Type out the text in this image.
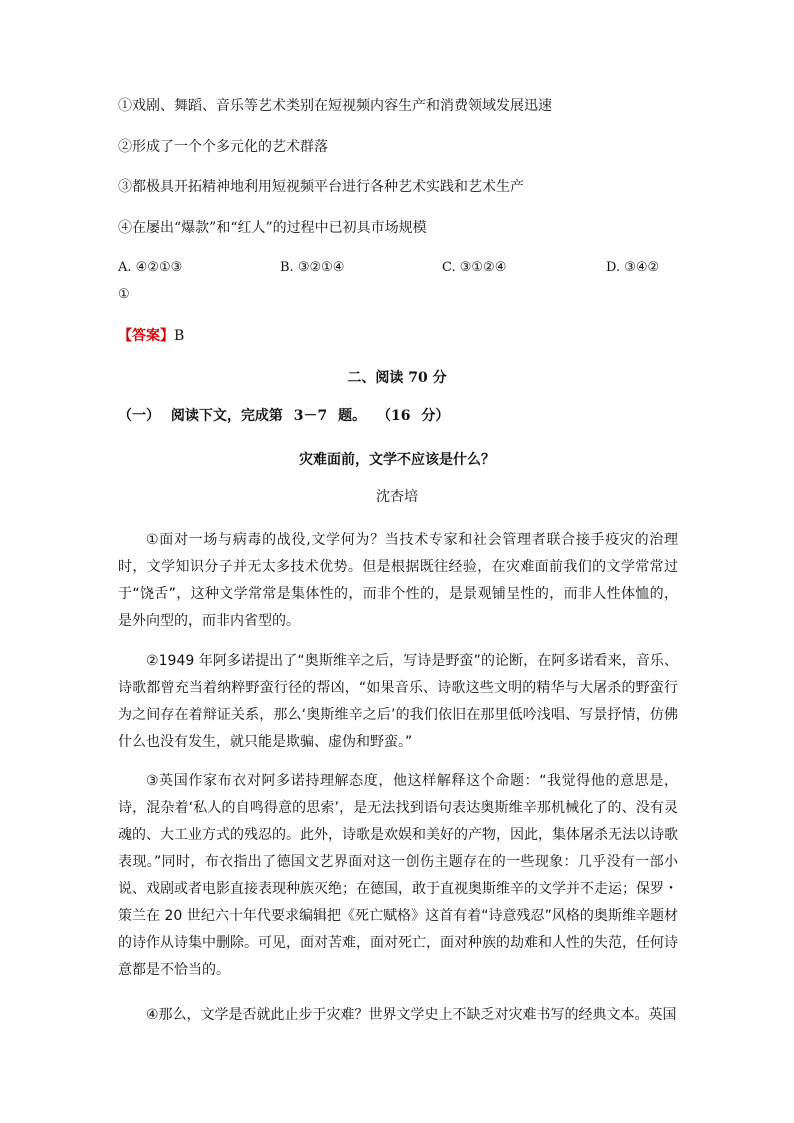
①戏剧、舞蹈、音乐等艺术类别在短视频内容生产和消费领域发展迅速
②形成了一个个多元化的艺术群落
③都极具开拓精神地利用短视频平台进行各种艺术实践和艺术生产
④在屡出“爆款”和“红人”的过程中已初具市场规模
A. ④②①③	B. ③②①④	C. ③①②④	D. ③④②
①
【答案】B
二、阅读 70 分
（一） 阅读下文，完成第 3－7 题。 （16 分）
灾难面前，文学不应该是什么？
沈杏培

①面对一场与病毒的战役,文学何为？当技术专家和社会管理者联合接手疫灾的治理时，文学知识分子并无太多技术优势。但是根据既往经验，在灾难面前我们的文学常常过于“饶舌”，这种文学常常是集体性的，而非个性的，是景观铺呈性的，而非人性体恤的，是外向型的，而非内省型的。

②1949 年阿多诺提出了“奥斯维辛之后，写诗是野蛮”的论断，在阿多诺看来，音乐、诗歌都曾充当着纳粹野蛮行径的帮凶，“如果音乐、诗歌这些文明的精华与大屠杀的野蛮行为之间存在着辩证关系，那么‘奥斯维辛之后’的我们依旧在那里低吟浅唱、写景抒情，仿佛什么也没有发生，就只能是欺骗、虚伪和野蛮。”

③英国作家布衣对阿多诺持理解态度，他这样解释这个命题：“我觉得他的意思是，诗，混杂着‘私人的自鸣得意的思索’，是无法找到语句表达奥斯维辛那机械化了的、没有灵魂的、大工业方式的残忍的。此外，诗歌是欢娱和美好的产物，因此，集体屠杀无法以诗歌表现。”同时，布衣指出了德国文艺界面对这一创伤主题存在的一些现象：几乎没有一部小说、戏剧或者电影直接表现种族灭绝；在德国，敢于直视奥斯维辛的文学并不走运；保罗・策兰在 20 世纪六十年代要求编辑把《死亡赋格》这首有着“诗意残忍”风格的奥斯维辛题材的诗作从诗集中删除。可见，面对苦难，面对死亡，面对种族的劫难和人性的失范，任何诗意都是不恰当的。

④那么，文学是否就此止步于灾难？世界文学史上不缺乏对灾难书写的经典文本。英国
